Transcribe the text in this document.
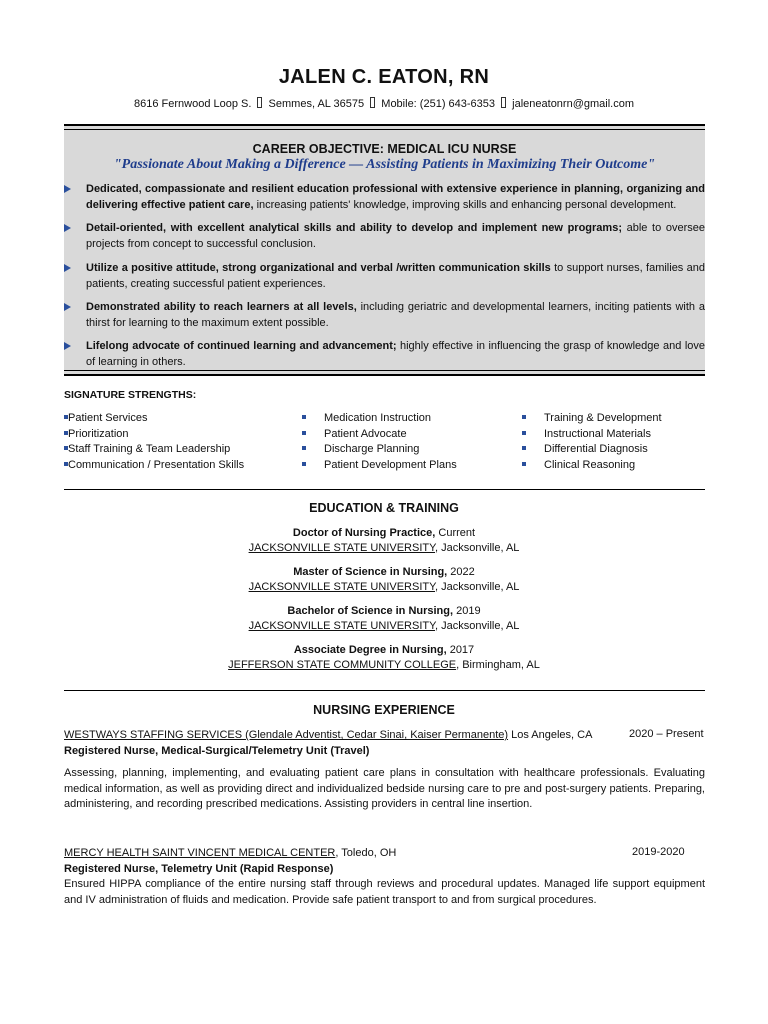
JALEN C. EATON, RN
8616 Fernwood Loop S. Semmes, AL 36575 Mobile: (251) 643-6353 jaleneatonrn@gmail.com
CAREER OBJECTIVE: MEDICAL ICU NURSE
"Passionate About Making a Difference — Assisting Patients in Maximizing Their Outcome"
Dedicated, compassionate and resilient education professional with extensive experience in planning, organizing and delivering effective patient care, increasing patients' knowledge, improving skills and enhancing personal development.
Detail-oriented, with excellent analytical skills and ability to develop and implement new programs; able to oversee projects from concept to successful conclusion.
Utilize a positive attitude, strong organizational and verbal /written communication skills to support nurses, families and patients, creating successful patient experiences.
Demonstrated ability to reach learners at all levels, including geriatric and developmental learners, inciting patients with a thirst for learning to the maximum extent possible.
Lifelong advocate of continued learning and advancement; highly effective in influencing the grasp of knowledge and love of learning in others.
SIGNATURE STRENGTHS:
Patient Services
Prioritization
Staff Training & Team Leadership
Communication / Presentation Skills
Medication Instruction
Patient Advocate
Discharge Planning
Patient Development Plans
Training & Development
Instructional Materials
Differential Diagnosis
Clinical Reasoning
EDUCATION & TRAINING
Doctor of Nursing Practice, Current
JACKSONVILLE STATE UNIVERSITY, Jacksonville, AL
Master of Science in Nursing, 2022
JACKSONVILLE STATE UNIVERSITY, Jacksonville, AL
Bachelor of Science in Nursing, 2019
JACKSONVILLE STATE UNIVERSITY, Jacksonville, AL
Associate Degree in Nursing, 2017
JEFFERSON STATE COMMUNITY COLLEGE, Birmingham, AL
NURSING EXPERIENCE
WESTWAYS STAFFING SERVICES (Glendale Adventist, Cedar Sinai, Kaiser Permanente) Los Angeles, CA
Registered Nurse, Medical-Surgical/Telemetry Unit (Travel)
Assessing, planning, implementing, and evaluating patient care plans in consultation with healthcare professionals. Evaluating medical information, as well as providing direct and individualized bedside nursing care to pre and post-surgery patients. Preparing, administering, and recording prescribed medications. Assisting providers in central line insertion.
2020 – Present
MERCY HEALTH SAINT VINCENT MEDICAL CENTER, Toledo, OH
Registered Nurse, Telemetry Unit (Rapid Response)
Ensured HIPPA compliance of the entire nursing staff through reviews and procedural updates. Managed life support equipment and IV administration of fluids and medication. Provide safe patient transport to and from surgical procedures.
2019-2020
